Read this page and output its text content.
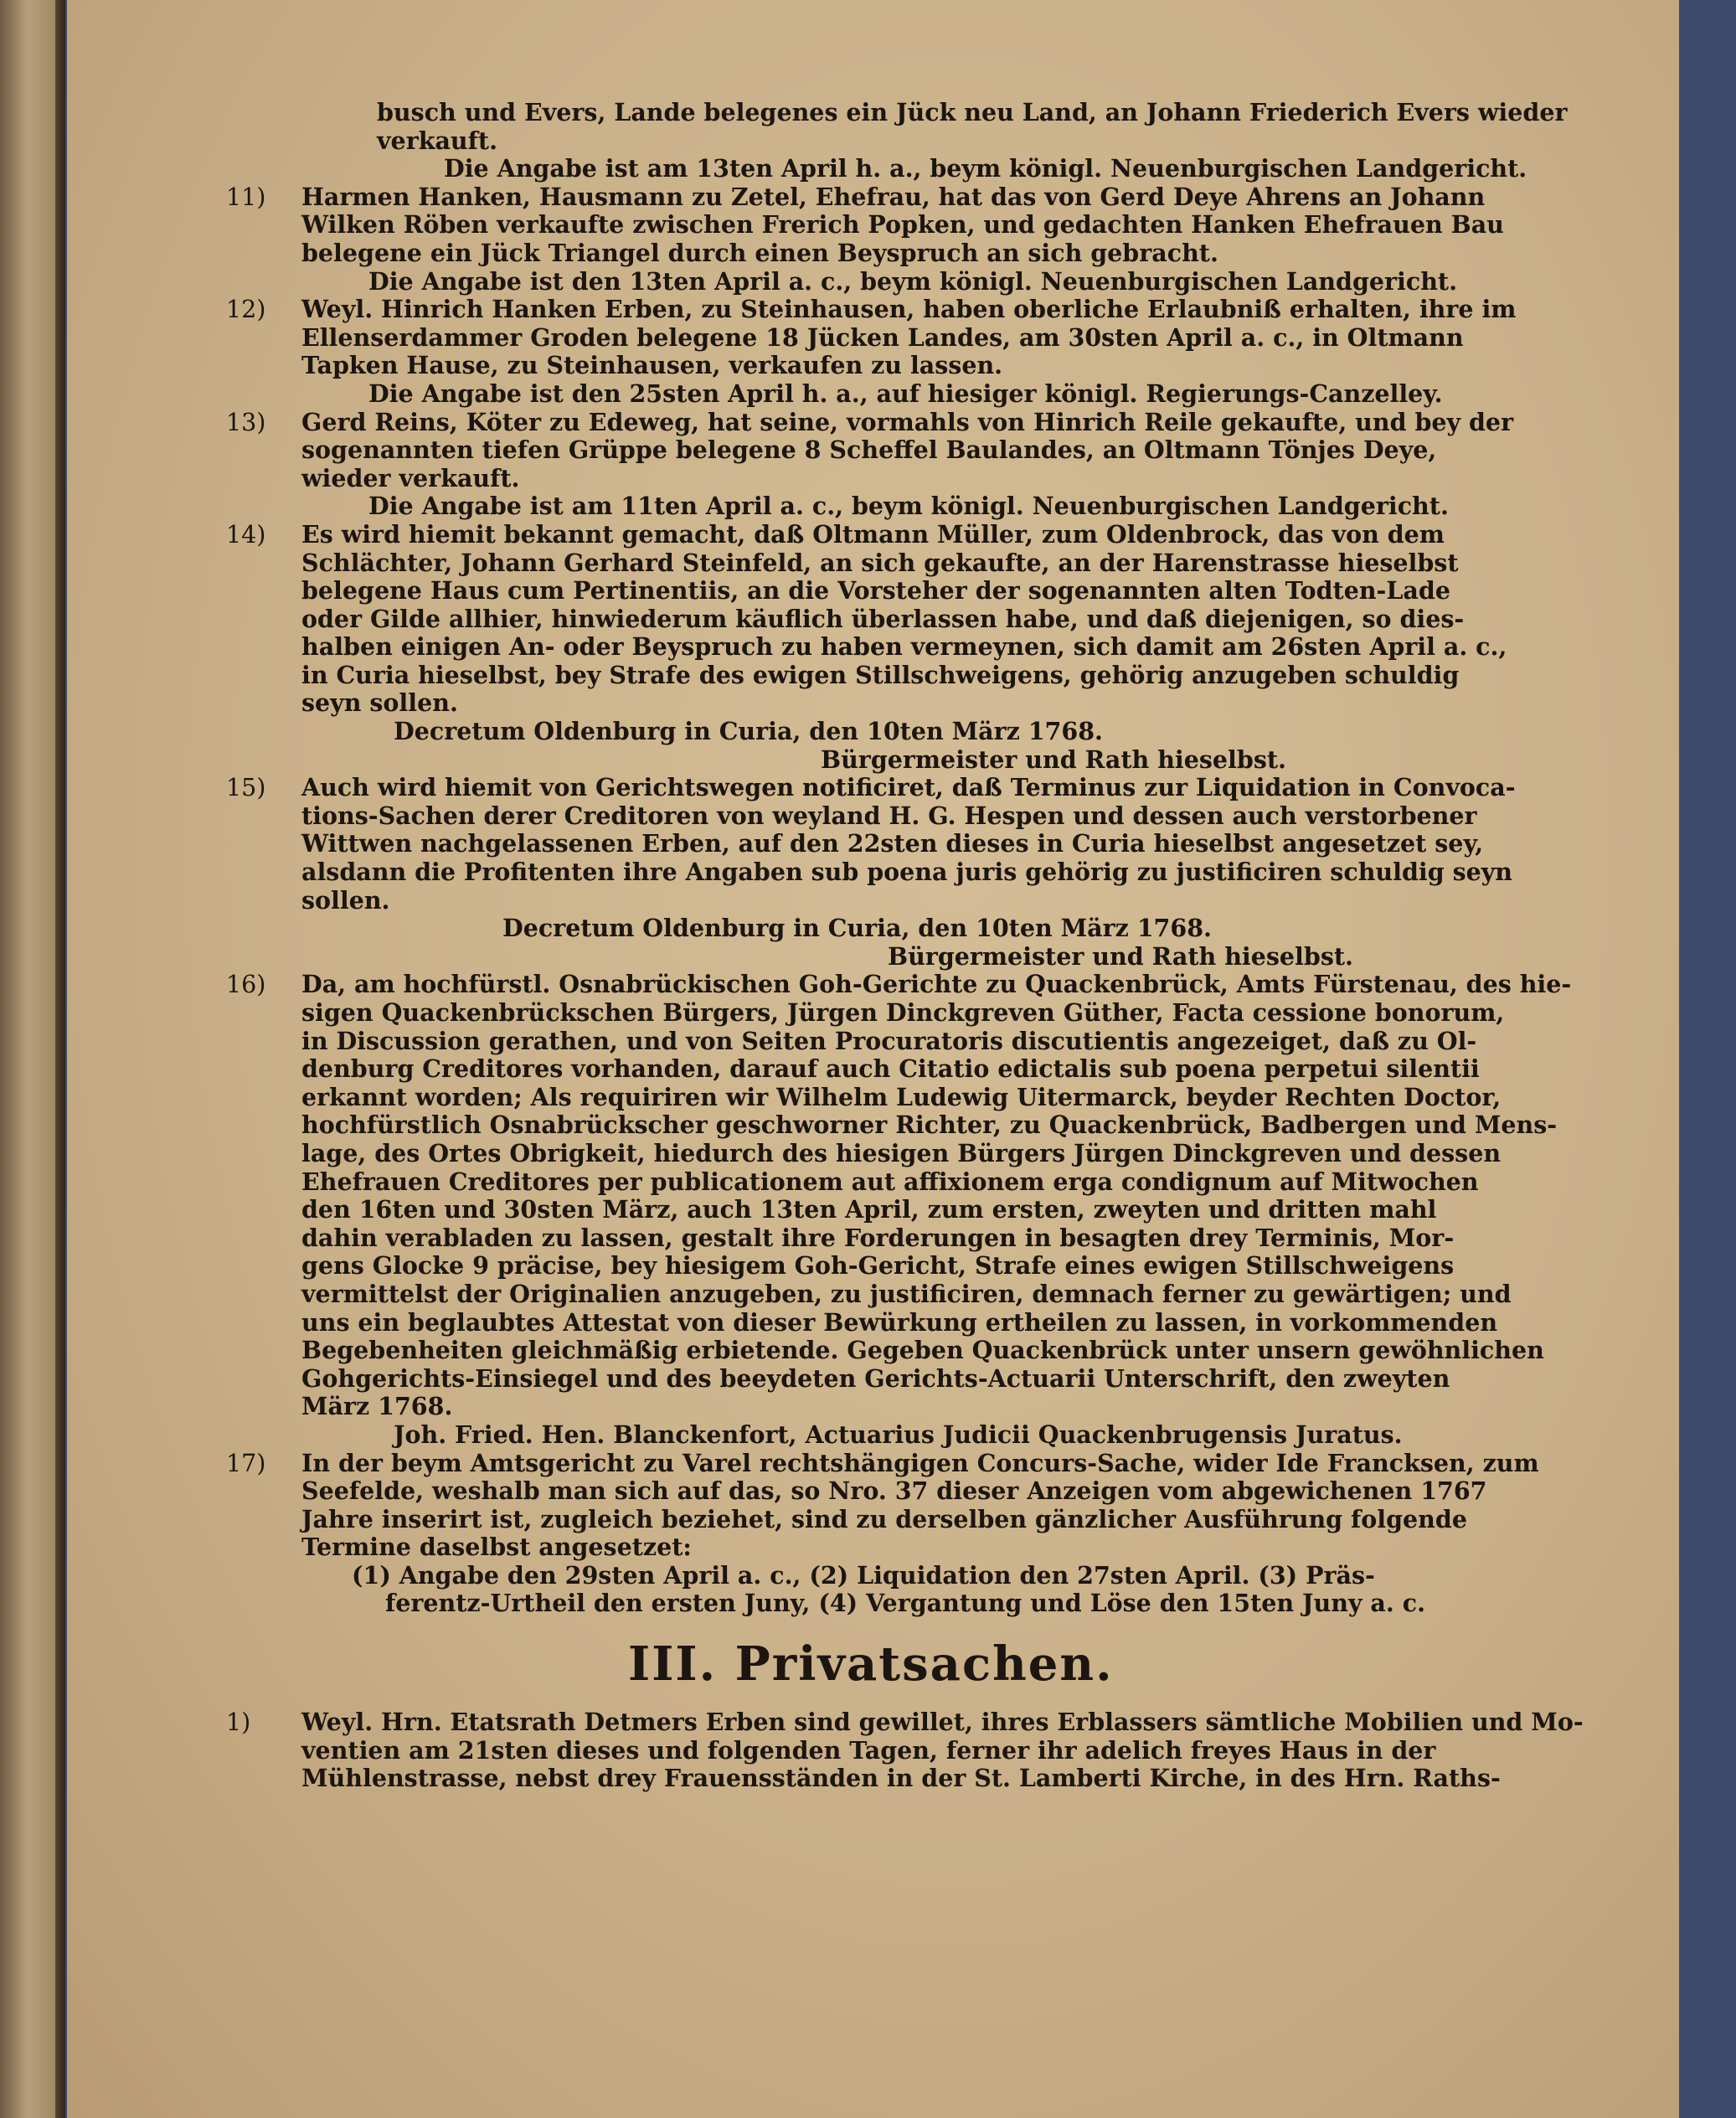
busch und Evers, Lande belegenes ein Jück neu Land, an Johann Friederich Evers wieder

verkauft.

Die Angabe ist am 13ten April h. a., beym königl. Neuenburgischen Landgericht.

11) Harmen Hanken, Hausmann zu Zetel, Ehefrau, hat das von Gerd Deye Ahrens an Johann

Wilken Röben verkaufte zwischen Frerich Popken, und gedachten Hanken Ehefrauen Bau

belegene ein Jück Triangel durch einen Beyspruch an sich gebracht.

Die Angabe ist den 13ten April a. c., beym königl. Neuenburgischen Landgericht.

12) Weyl. Hinrich Hanken Erben, zu Steinhausen, haben oberliche Erlaubniß erhalten, ihre im

Ellenserdammer Groden belegene 18 Jücken Landes, am 30sten April a. c., in Oltmann

Tapken Hause, zu Steinhausen, verkaufen zu lassen.

Die Angabe ist den 25sten April h. a., auf hiesiger königl. Regierungs-Canzelley.

13) Gerd Reins, Köter zu Edeweg, hat seine, vormahls von Hinrich Reile gekaufte, und bey der

sogenannten tiefen Grüppe belegene 8 Scheffel Baulandes, an Oltmann Tönjes Deye,

wieder verkauft.

Die Angabe ist am 11ten April a. c., beym königl. Neuenburgischen Landgericht.

14) Es wird hiemit bekannt gemacht, daß Oltmann Müller, zum Oldenbrock, das von dem

Schlächter, Johann Gerhard Steinfeld, an sich gekaufte, an der Harenstrasse hieselbst

belegene Haus cum Pertinentiis, an die Vorsteher der sogenannten alten Todten-Lade

oder Gilde allhier, hinwiederum käuflich überlassen habe, und daß diejenigen, so dies-

halben einigen An- oder Beyspruch zu haben vermeynen, sich damit am 26sten April a. c.,

in Curia hieselbst, bey Strafe des ewigen Stillschweigens, gehörig anzugeben schuldig

seyn sollen.

Decretum Oldenburg in Curia, den 10ten März 1768.

Bürgermeister und Rath hieselbst.

15) Auch wird hiemit von Gerichtswegen notificiret, daß Terminus zur Liquidation in Convoca-

tions-Sachen derer Creditoren von weyland H. G. Hespen und dessen auch verstorbener

Wittwen nachgelassenen Erben, auf den 22sten dieses in Curia hieselbst angesetzet sey,

alsdann die Profitenten ihre Angaben sub poena juris gehörig zu justificiren schuldig seyn

sollen.

Decretum Oldenburg in Curia, den 10ten März 1768.

Bürgermeister und Rath hieselbst.

16) Da, am hochfürstl. Osnabrückischen Goh-Gerichte zu Quackenbrück, Amts Fürstenau, des hie-

sigen Quackenbrückschen Bürgers, Jürgen Dinckgreven Güther, Facta cessione bonorum,

in Discussion gerathen, und von Seiten Procuratoris discutientis angezeiget, daß zu Ol-

denburg Creditores vorhanden, darauf auch Citatio edictalis sub poena perpetui silentii

erkannt worden; Als requiriren wir Wilhelm Ludewig Uitermarck, beyder Rechten Doctor,

hochfürstlich Osnabrückscher geschworner Richter, zu Quackenbrück, Badbergen und Mens-

lage, des Ortes Obrigkeit, hiedurch des hiesigen Bürgers Jürgen Dinckgreven und dessen

Ehefrauen Creditores per publicationem aut affixionem erga condignum auf Mitwochen

den 16ten und 30sten März, auch 13ten April, zum ersten, zweyten und dritten mahl

dahin verabladen zu lassen, gestalt ihre Forderungen in besagten drey Terminis, Mor-

gens Glocke 9 präcise, bey hiesigem Goh-Gericht, Strafe eines ewigen Stillschweigens

vermittelst der Originalien anzugeben, zu justificiren, demnach ferner zu gewärtigen; und

uns ein beglaubtes Attestat von dieser Bewürkung ertheilen zu lassen, in vorkommenden

Begebenheiten gleichmäßig erbietende. Gegeben Quackenbrück unter unsern gewöhnlichen

Gohgerichts-Einsiegel und des beeydeten Gerichts-Actuarii Unterschrift, den zweyten

März 1768.

Joh. Fried. Hen. Blanckenfort, Actuarius Judicii Quackenbrugensis Juratus.

17) In der beym Amtsgericht zu Varel rechtshängigen Concurs-Sache, wider Ide Francksen, zum

Seefelde, weshalb man sich auf das, so Nro. 37 dieser Anzeigen vom abgewichenen 1767

Jahre inserirt ist, zugleich beziehet, sind zu derselben gänzlicher Ausführung folgende

Termine daselbst angesetzet:

(1) Angabe den 29sten April a. c., (2) Liquidation den 27sten April. (3) Präs-

ferentz-Urtheil den ersten Juny, (4) Vergantung und Löse den 15ten Juny a. c.

III. Privatsachen.

1) Weyl. Hrn. Etatsrath Detmers Erben sind gewillet, ihres Erblassers sämtliche Mobilien und Mo-

ventien am 21sten dieses und folgenden Tagen, ferner ihr adelich freyes Haus in der

Mühlenstrasse, nebst drey Frauensständen in der St. Lamberti Kirche, in des Hrn. Raths-
